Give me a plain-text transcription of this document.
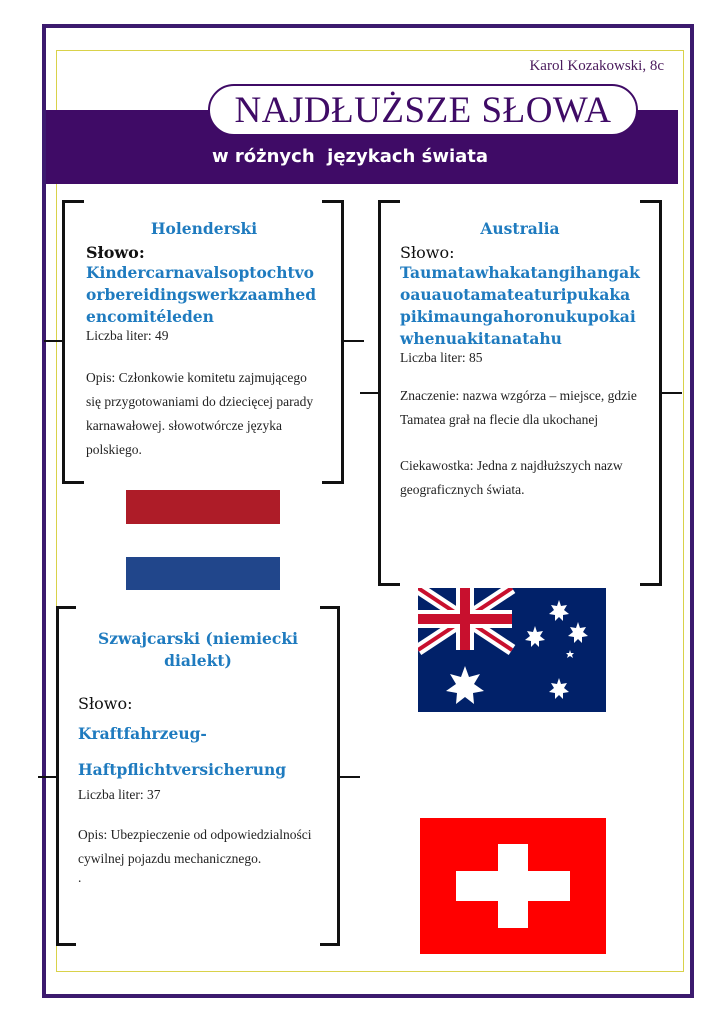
Karol Kozakowski, 8c
NAJDŁUŻSZE SŁOWA
w różnych  językach świata
Holenderski
Słowo:
Kindercarnavalsoptochtvoorbereidingswerkzaamhedencomitéleden
Liczba liter: 49
Opis: Członkowie komitetu zajmującego się przygotowaniami do dziecięcej parady karnawałowej. słowotwórcze języka polskiego.
Australia
Słowo:
Taumatawhakatangihangakoauauotamateaturipukakapikimaungahoronukupokaiwhenuakitanatahu
Liczba liter: 85
Znaczenie: nazwa wzgórza – miejsce, gdzie Tamatea grał na flecie dla ukochanej
Ciekawostka: Jedna z najdłuższych nazw geograficznych świata.
Szwajcarski (niemiecki dialekt)
Słowo:
Kraftfahrzeug-
Haftpflichtversicherung
Liczba liter: 37
Opis: Ubezpieczenie od odpowiedzialności cywilnej pojazdu mechanicznego.
.
